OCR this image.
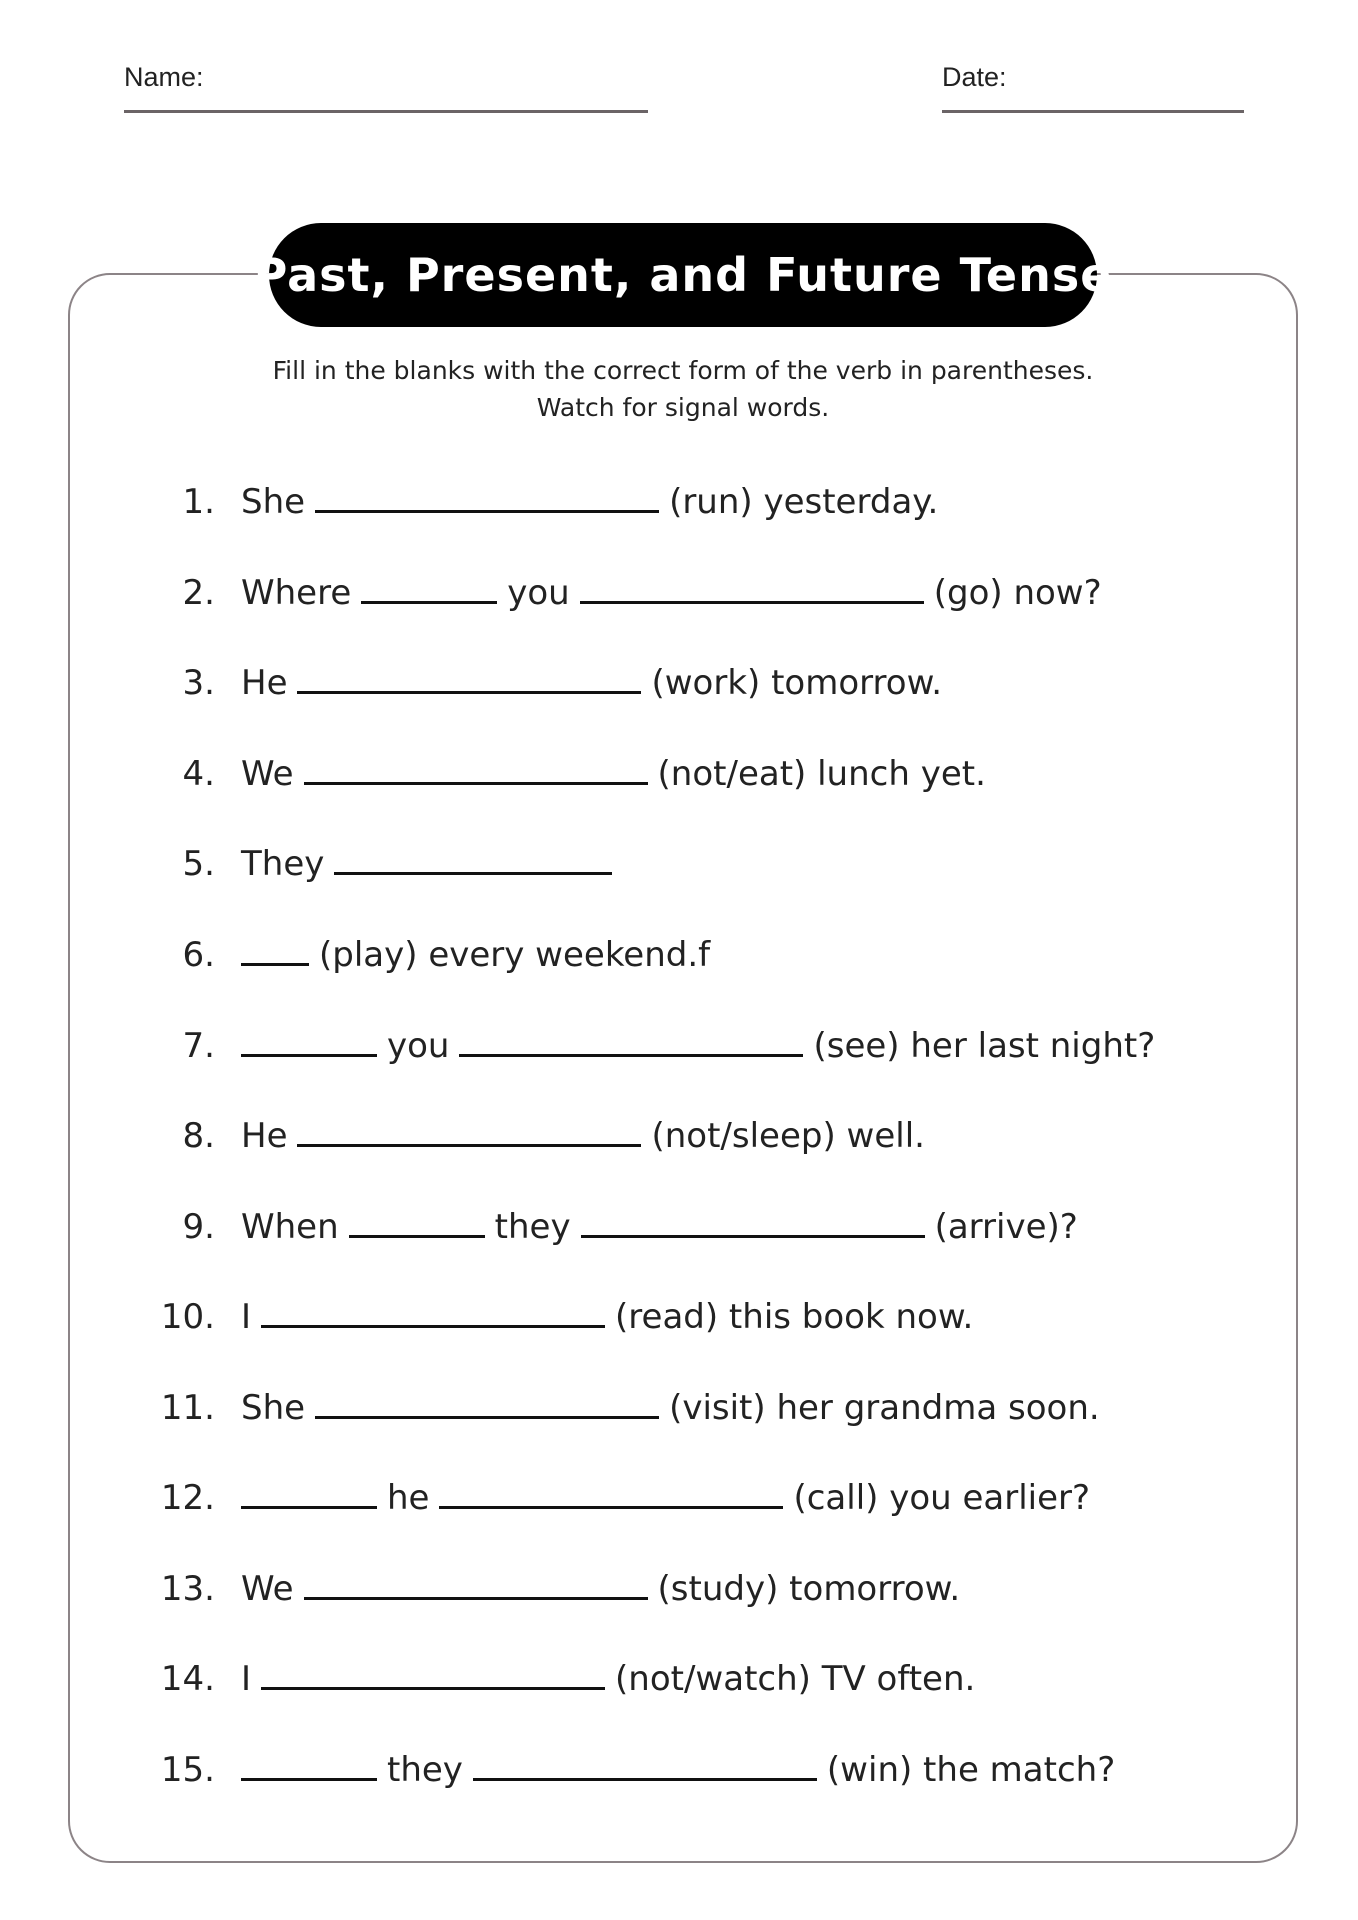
Name:	Date:
Past, Present, and Future Tense
Fill in the blanks with the correct form of the verb in parentheses.
Watch for signal words.
1. She	(run) yesterday.
2. Where	you	(go) now?
3. He	(work) tomorrow.
4. We	(not/eat) lunch yet.
5. They
6.	(play) every weekend.f
7.	you	(see) her last night?
8. He	(not/sleep) well.
9. When	they	(arrive)?
10. I	(read) this book now.
11. She	(visit) her grandma soon.
12.	he	(call) you earlier?
13. We	(study) tomorrow.
14. I	(not/watch) TV often.
15.	they	(win) the match?
